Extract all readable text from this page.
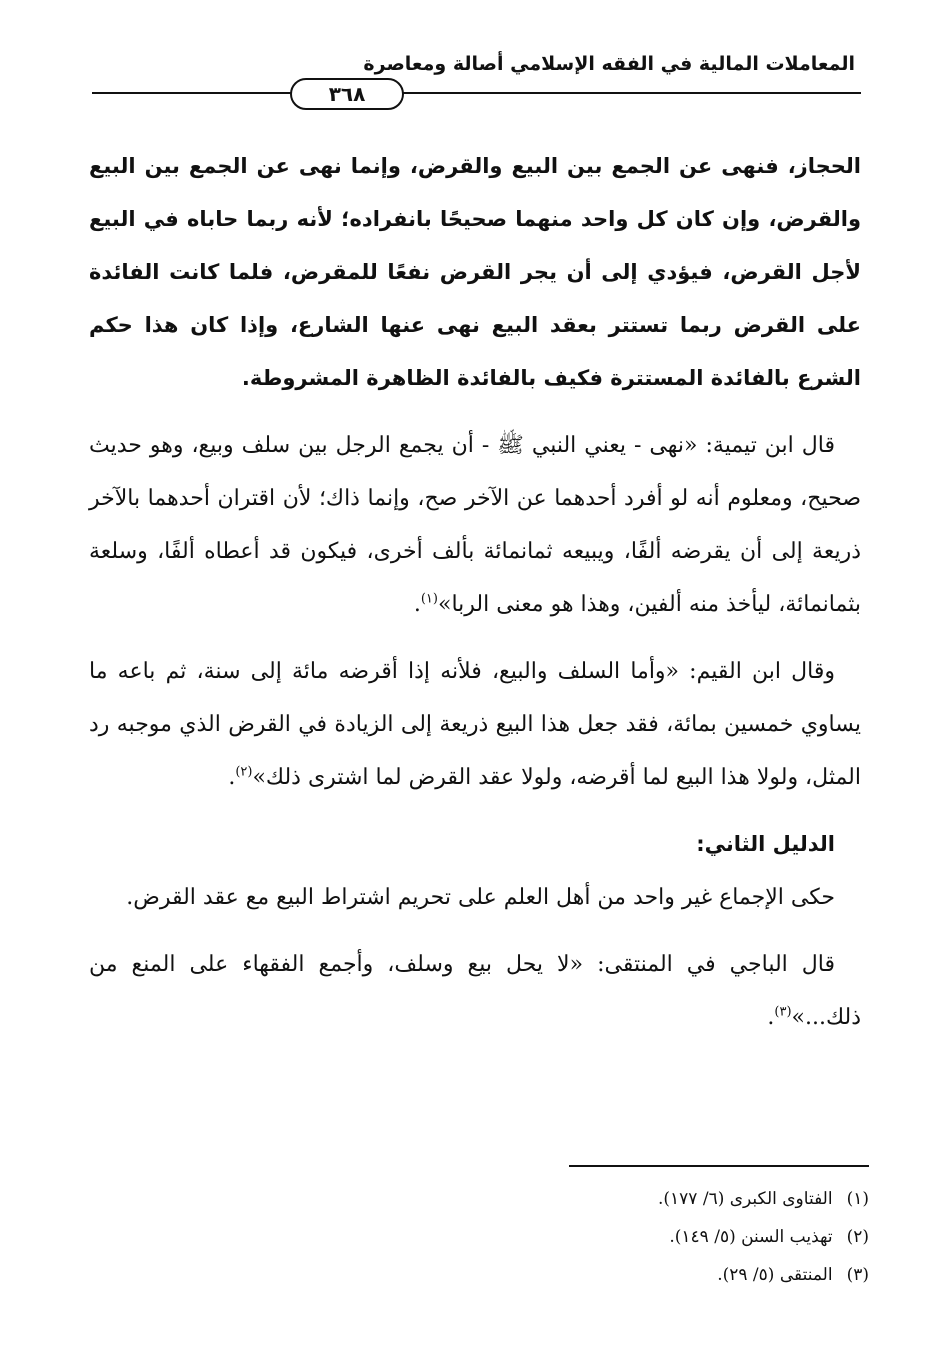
المعاملات المالية في الفقه الإسلامي أصالة ومعاصرة
٣٦٨

الحجاز، فنهى عن الجمع بين البيع والقرض، وإنما نهى عن الجمع بين البيع والقرض، وإن كان كل واحد منهما صحيحًا بانفراده؛ لأنه ربما حاباه في البيع لأجل القرض، فيؤدي إلى أن يجر القرض نفعًا للمقرض، فلما كانت الفائدة على القرض ربما تستتر بعقد البيع نهى عنها الشارع، وإذا كان هذا حكم الشرع بالفائدة المستترة فكيف بالفائدة الظاهرة المشروطة.

قال ابن تيمية: «نهى - يعني النبي ﷺ - أن يجمع الرجل بين سلف وبيع، وهو حديث صحيح، ومعلوم أنه لو أفرد أحدهما عن الآخر صح، وإنما ذاك؛ لأن اقتران أحدهما بالآخر ذريعة إلى أن يقرضه ألفًا، ويبيعه ثمانمائة بألف أخرى، فيكون قد أعطاه ألفًا، وسلعة بثمانمائة، ليأخذ منه ألفين، وهذا هو معنى الربا»$^{(١)}$.

وقال ابن القيم: «وأما السلف والبيع، فلأنه إذا أقرضه مائة إلى سنة، ثم باعه ما يساوي خمسين بمائة، فقد جعل هذا البيع ذريعة إلى الزيادة في القرض الذي موجبه رد المثل، ولولا هذا البيع لما أقرضه، ولولا عقد القرض لما اشترى ذلك»$^{(٢)}$.

الدليل الثاني:

حكى الإجماع غير واحد من أهل العلم على تحريم اشتراط البيع مع عقد القرض.

قال الباجي في المنتقى: «لا يحل بيع وسلف، وأجمع الفقهاء على المنع من ذلك...»$^{(٣)}$.

(١)الفتاوى الكبرى (٦/ ١٧٧).
(٢)تهذيب السنن (٥/ ١٤٩).
(٣)المنتقى (٥/ ٢٩).
